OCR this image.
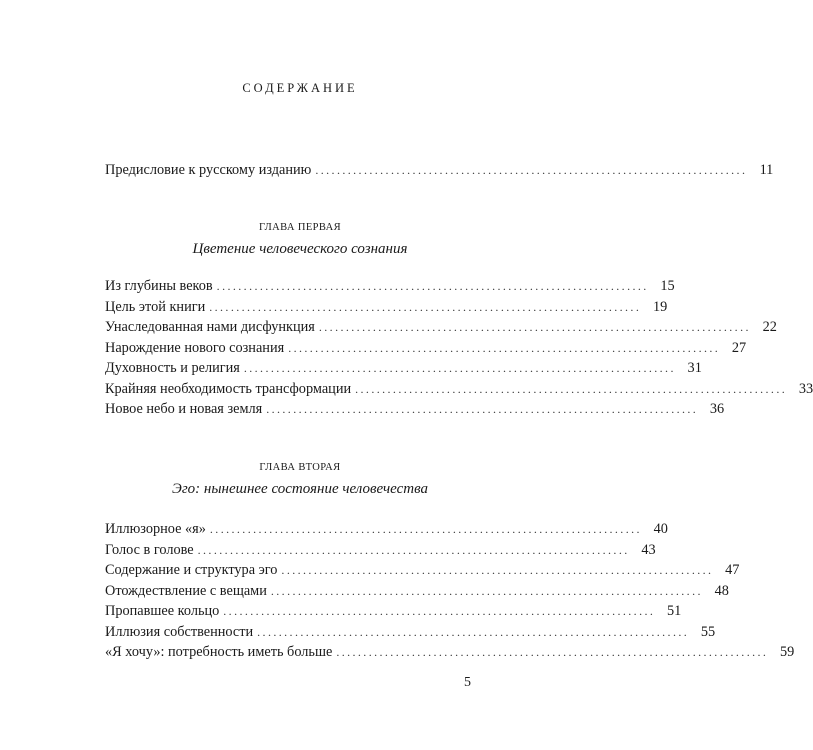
СОДЕРЖАНИЕ
Предисловие к русскому изданию ................................................................................ 11
ГЛАВА ПЕРВАЯ
Цветение человеческого сознания
Из глубины веков ................................................................................ 15
Цель этой книги ................................................................................ 19
Унаследованная нами дисфункция ................................................................................ 22
Нарождение нового сознания ................................................................................ 27
Духовность и религия ................................................................................ 31
Крайняя необходимость трансформации ................................................................................ 33
Новое небо и новая земля ................................................................................ 36
ГЛАВА ВТОРАЯ
Эго: нынешнее состояние человечества
Иллюзорное «я» ................................................................................ 40
Голос в голове ................................................................................ 43
Содержание и структура эго ................................................................................ 47
Отождествление с вещами ................................................................................ 48
Пропавшее кольцо ................................................................................ 51
Иллюзия собственности ................................................................................ 55
«Я хочу»: потребность иметь больше ................................................................................ 59
5
